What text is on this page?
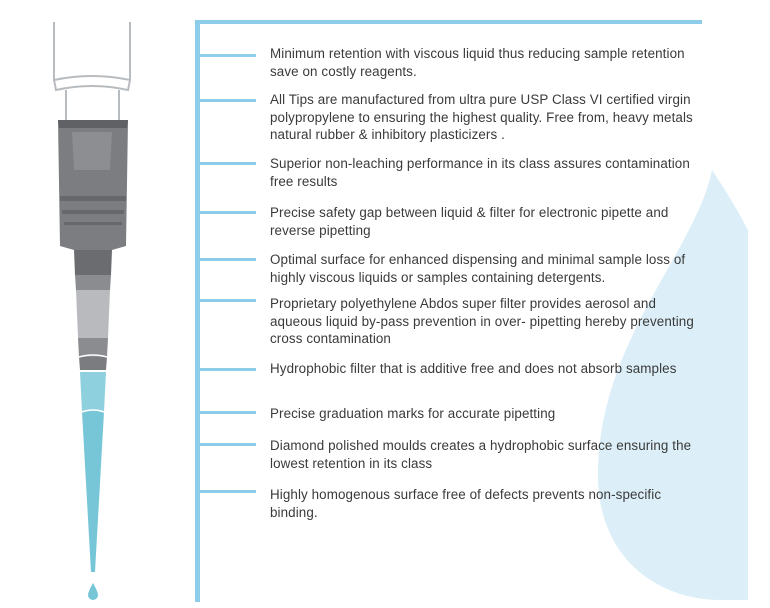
Minimum retention with viscous liquid thus reducing sample retention save on costly reagents.

All Tips are manufactured from ultra pure USP Class VI certified virgin polypropylene to ensuring the highest quality. Free from, heavy metals natural rubber & inhibitory plasticizers .

Superior non-leaching performance in its class assures contamination free results

Precise safety gap between liquid & filter for electronic pipette and reverse pipetting

Optimal surface for enhanced dispensing and minimal sample loss of highly viscous liquids or samples containing detergents.

Proprietary polyethylene Abdos super filter provides aerosol and aqueous liquid by-pass prevention in over- pipetting hereby preventing cross contamination

Hydrophobic filter that is additive free and does not absorb samples

Precise graduation marks for accurate pipetting

Diamond polished moulds creates a hydrophobic surface ensuring the lowest retention in its class

Highly homogenous surface free of defects prevents non-specific binding.
